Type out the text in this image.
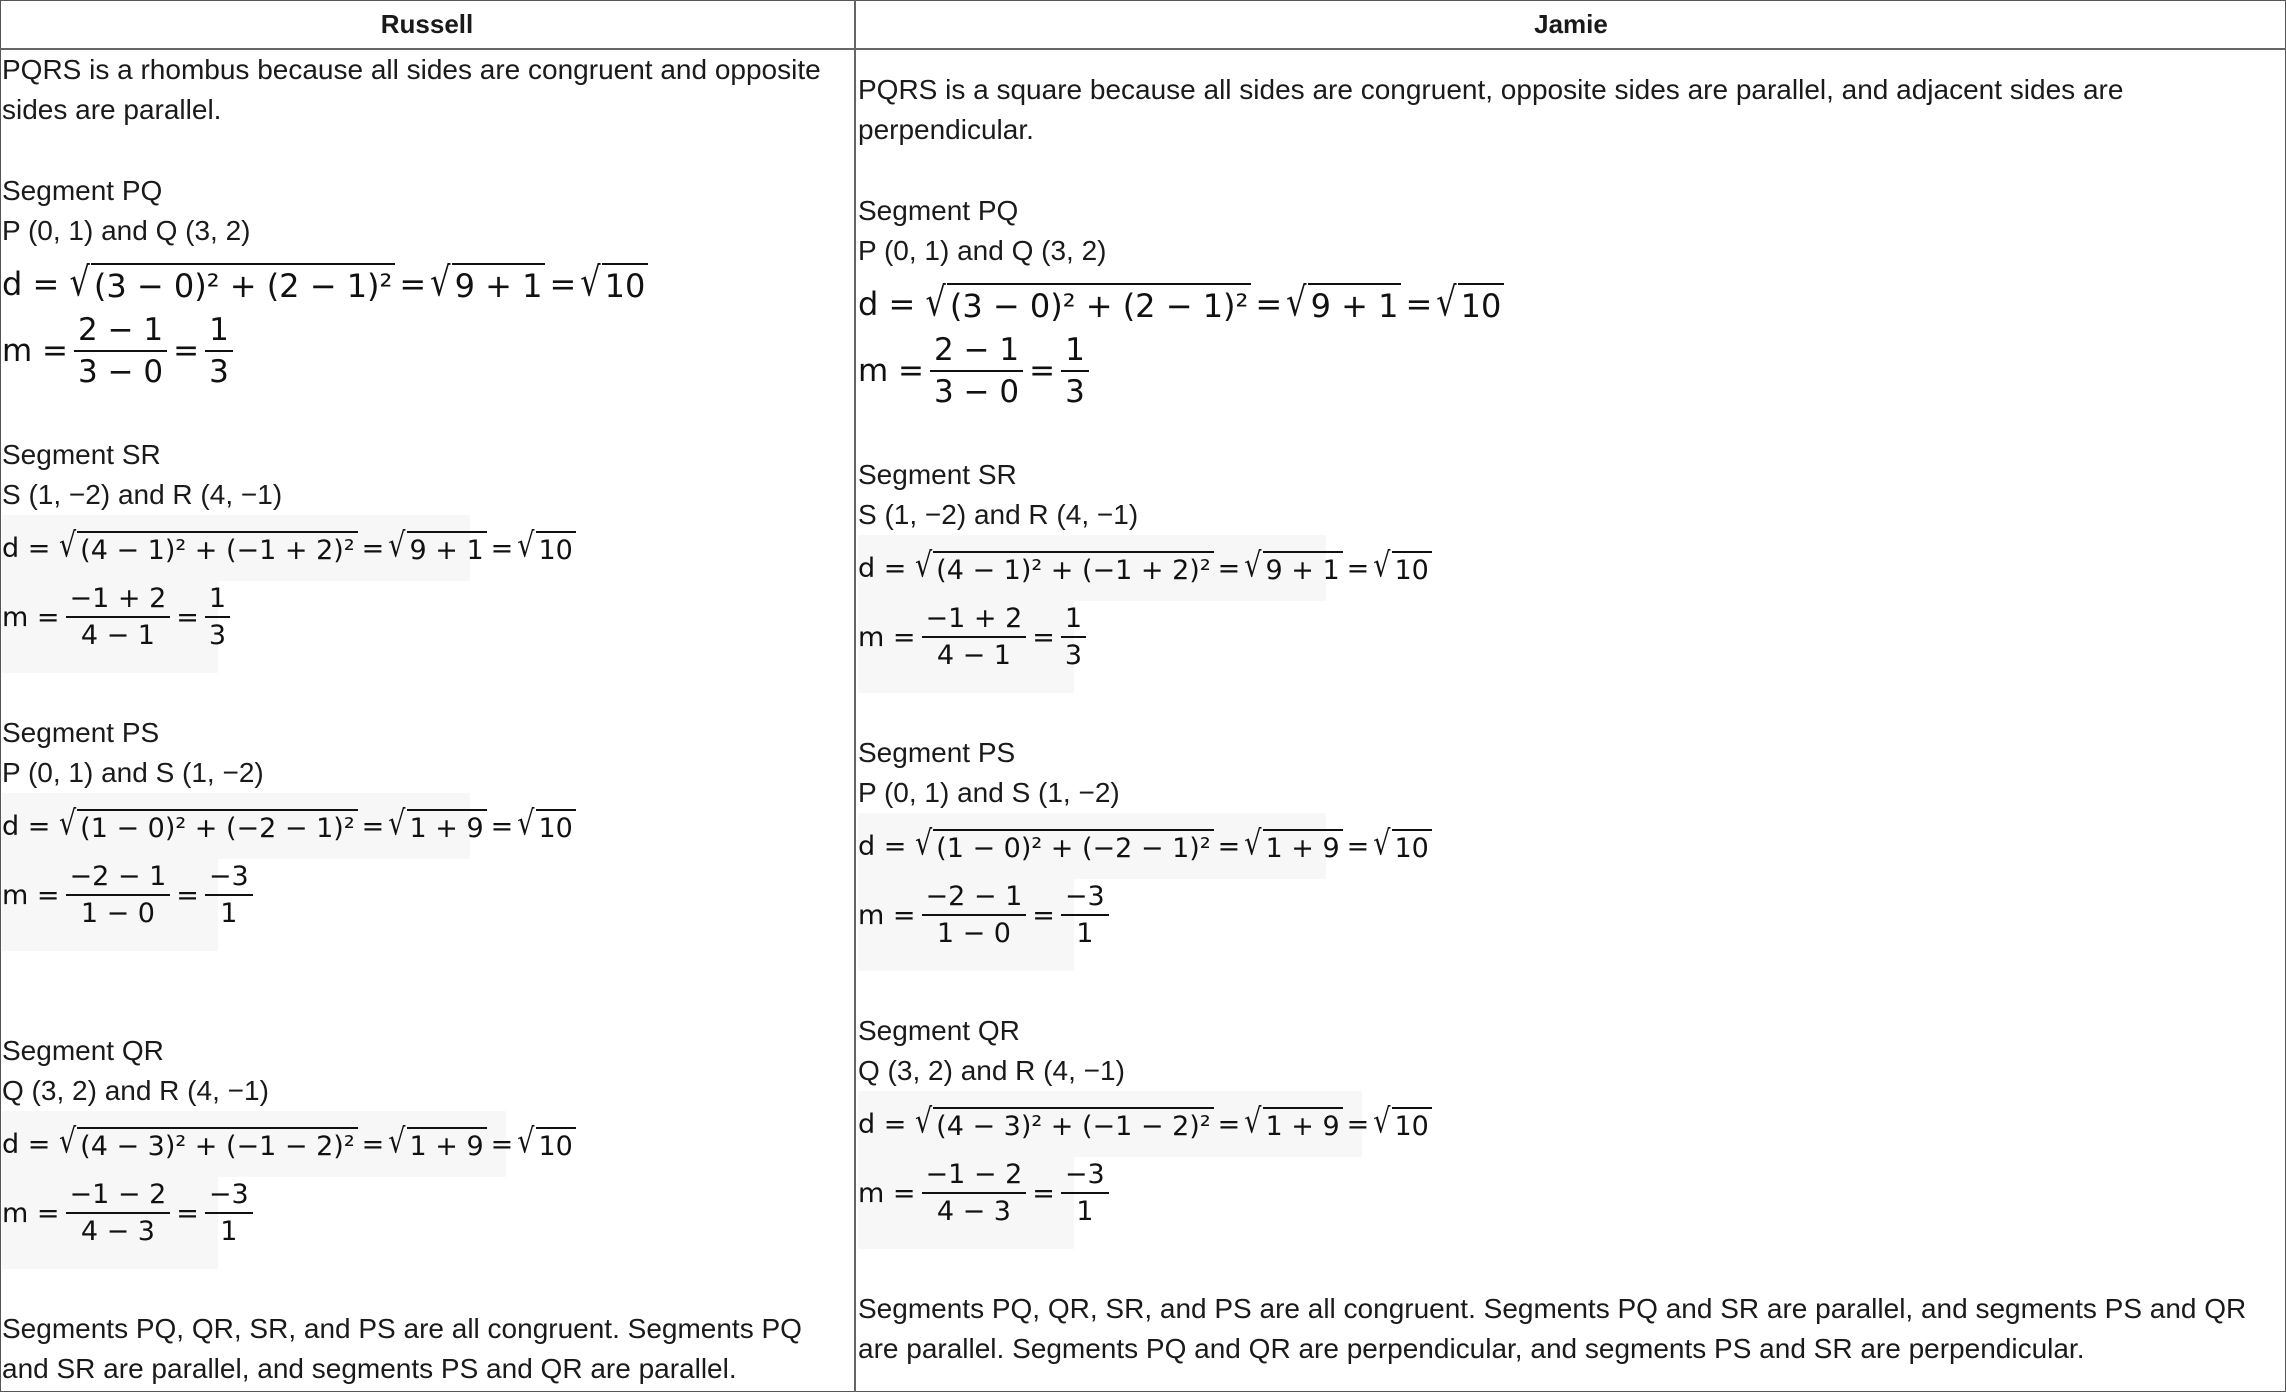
Russell	Jamie
PQRS is a rhombus because all sides are congruent and opposite sides are parallel.
Segment PQ
P (0, 1) and Q (3, 2)
d =
√ (3 − 0)² + (2 − 1)² = √ 9 + 1 = √ 10
$m = \frac{2 - 1}{3 - 0} = \frac{1}{3}$
Segment SR
S (1, −2) and R (4, −1)
d =
√ (4 − 1)² + (−1 + 2)² = √ 9 + 1 = √ 10
$m = \frac{-1 + 2}{4 - 1} = \frac{1}{3}$
Segment PS
P (0, 1) and S (1, −2)
d =
√ (1 − 0)² + (−2 − 1)² = √ 1 + 9 = √ 10
$m = \frac{-2 - 1}{1 - 0} = \frac{-3}{1}$
Segment QR
Q (3, 2) and R (4, −1)
d =
√ (4 − 3)² + (−1 − 2)² = √ 1 + 9 = √ 10
$m = \frac{-1 - 2}{4 - 3} = \frac{-3}{1}$
Segments PQ, QR, SR, and PS are all congruent. Segments PQ and SR are parallel, and segments PS and QR are parallel.
PQRS is a square because all sides are congruent, opposite sides are parallel, and adjacent sides are perpendicular.
Segment PQ
P (0, 1) and Q (3, 2)
d =
√ (3 − 0)² + (2 − 1)² = √ 9 + 1 = √ 10
$m = \frac{2 - 1}{3 - 0} = \frac{1}{3}$
Segment SR
S (1, −2) and R (4, −1)
d =
√ (4 − 1)² + (−1 + 2)² = √ 9 + 1 = √ 10
$m = \frac{-1 + 2}{4 - 1} = \frac{1}{3}$
Segment PS
P (0, 1) and S (1, −2)
d =
√ (1 − 0)² + (−2 − 1)² = √ 1 + 9 = √ 10
$m = \frac{-2 - 1}{1 - 0} = \frac{-3}{1}$
Segment QR
Q (3, 2) and R (4, −1)
d =
√ (4 − 3)² + (−1 − 2)² = √ 1 + 9 = √ 10
$m = \frac{-1 - 2}{4 - 3} = \frac{-3}{1}$
Segments PQ, QR, SR, and PS are all congruent. Segments PQ and SR are parallel, and segments PS and QR are parallel. Segments PQ and QR are perpendicular, and segments PS and SR are perpendicular.
